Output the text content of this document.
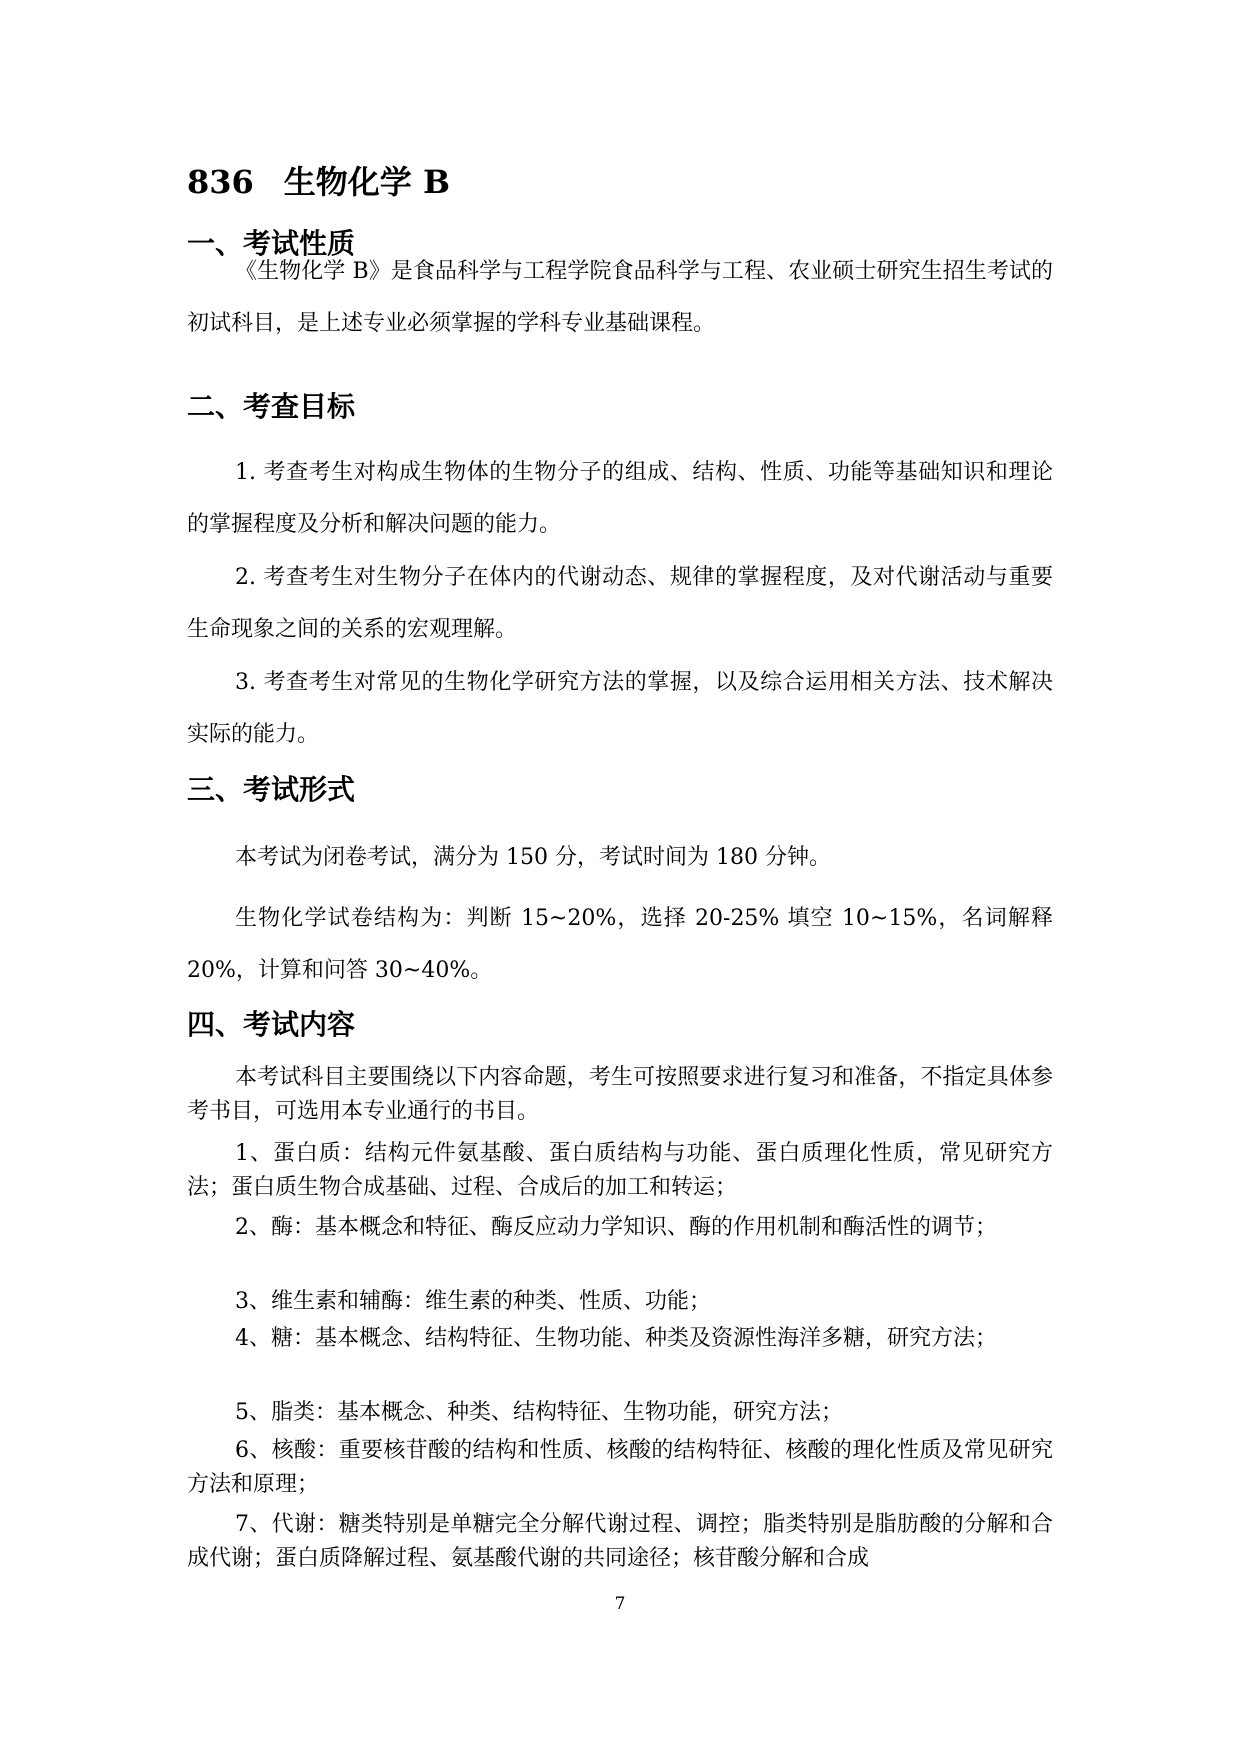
836 生物化学 B
一、考试性质

《生物化学 B》是食品科学与工程学院食品科学与工程、农业硕士研究生招生考试的初试科目，是上述专业必须掌握的学科专业基础课程。

二、考查目标

1. 考查考生对构成生物体的生物分子的组成、结构、性质、功能等基础知识和理论的掌握程度及分析和解决问题的能力。

2. 考查考生对生物分子在体内的代谢动态、规律的掌握程度，及对代谢活动与重要生命现象之间的关系的宏观理解。

3. 考查考生对常见的生物化学研究方法的掌握，以及综合运用相关方法、技术解决实际的能力。

三、考试形式

本考试为闭卷考试，满分为 150 分，考试时间为 180 分钟。

生物化学试卷结构为：判断 15~20%，选择 20-25% 填空 10~15%，名词解释 20%，计算和问答 30~40%。

四、考试内容

本考试科目主要围绕以下内容命题，考生可按照要求进行复习和准备，不指定具体参考书目，可选用本专业通行的书目。

1、蛋白质：结构元件氨基酸、蛋白质结构与功能、蛋白质理化性质，常见研究方法；蛋白质生物合成基础、过程、合成后的加工和转运；

2、酶：基本概念和特征、酶反应动力学知识、酶的作用机制和酶活性的调节；

3、维生素和辅酶：维生素的种类、性质、功能；

4、糖：基本概念、结构特征、生物功能、种类及资源性海洋多糖，研究方法；

5、脂类：基本概念、种类、结构特征、生物功能，研究方法；

6、核酸：重要核苷酸的结构和性质、核酸的结构特征、核酸的理化性质及常见研究方法和原理；

7、代谢：糖类特别是单糖完全分解代谢过程、调控；脂类特别是脂肪酸的分解和合成代谢；蛋白质降解过程、氨基酸代谢的共同途径；核苷酸分解和合成

7
